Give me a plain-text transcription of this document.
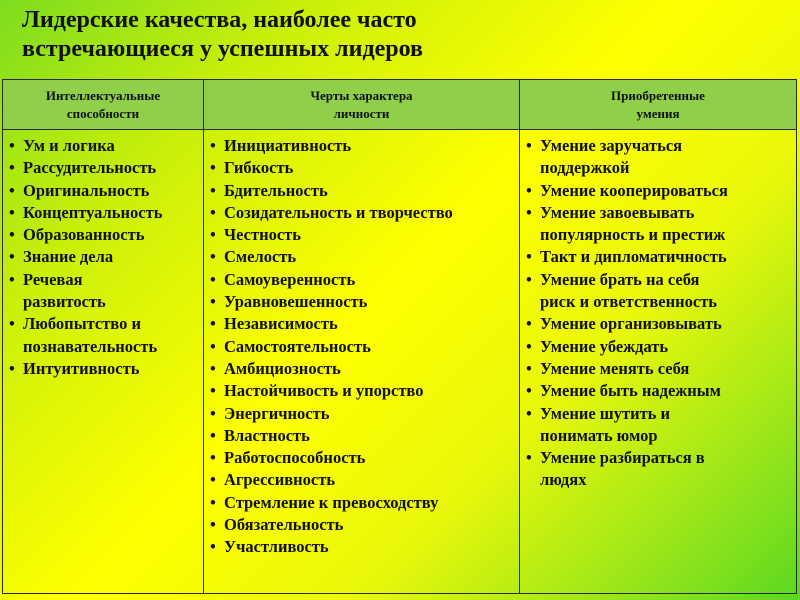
Лидерские качества, наиболее часто
встречающиеся у успешных лидеров
Интеллектуальные
способности
Черты характера
личности
Приобретенные
умения
• Ум и логика
• Рассудительность
• Оригинальность
• Концептуальность
• Образованность
• Знание дела
• Речевая
развитость
• Любопытство и
познавательность
• Интуитивность
• Инициативность
• Гибкость
• Бдительность
• Созидательность и творчество
• Честность
• Смелость
• Самоуверенность
• Уравновешенность
• Независимость
• Самостоятельность
• Амбициозность
• Настойчивость и упорство
• Энергичность
• Властность
• Работоспособность
• Агрессивность
• Стремление к превосходству
• Обязательность
• Участливость
• Умение заручаться
поддержкой
• Умение кооперироваться
• Умение завоевывать
популярность и престиж
• Такт и дипломатичность
• Умение брать на себя
риск и ответственность
• Умение организовывать
• Умение убеждать
• Умение менять себя
• Умение быть надежным
• Умение шутить и
понимать юмор
• Умение разбираться в
людях
